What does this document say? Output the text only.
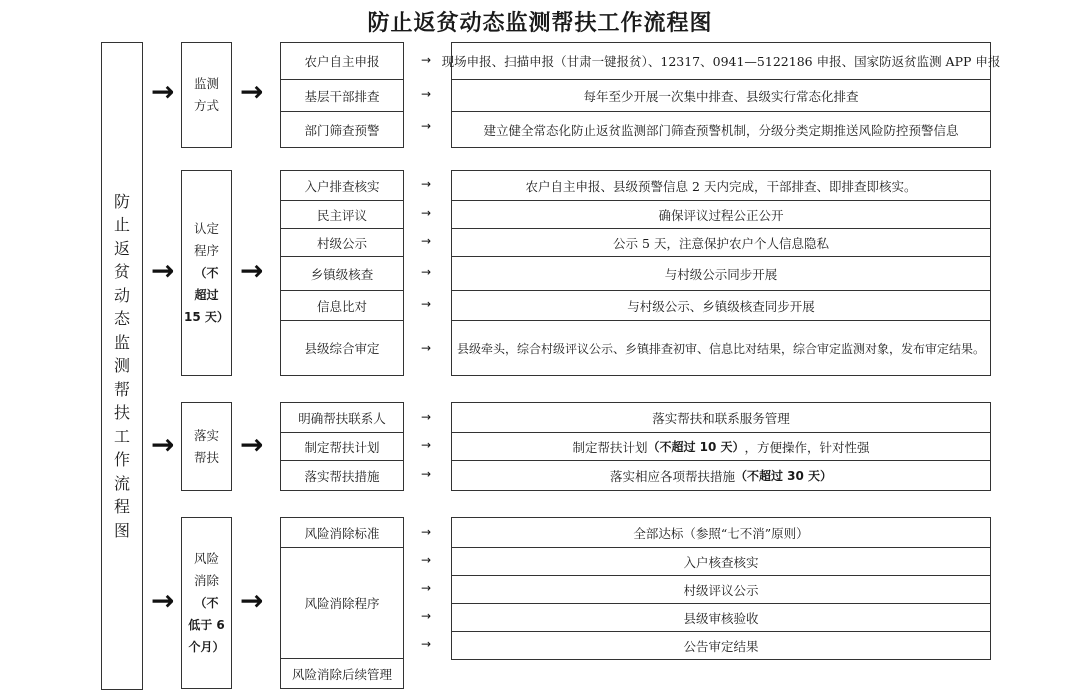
防止返贫动态监测帮扶工作流程图
防
止
返
贫
动
态
监
测
帮
扶
工
作
流
程
图
→ 监测
方式 →
农户自主申报
基层干部排查
部门筛查预警
→
→
→
现场申报、扫描申报（甘肃一键报贫）、12317、0941—5122186 申报、国家防返贫监测 APP 申报
每年至少开展一次集中排查、县级实行常态化排查
建立健全常态化防止返贫监测部门筛查预警机制，分级分类定期推送风险防控预警信息
→
认定
程序
（不
超过
15 天）
→
入户排查核实
民主评议
村级公示
乡镇级核查
信息比对
县级综合审定
→
→
→
→
→
→
农户自主申报、县级预警信息 2 天内完成，干部排查、即排查即核实。
确保评议过程公正公开
公示 5 天，注意保护农户个人信息隐私
与村级公示同步开展
与村级公示、乡镇级核查同步开展
县级牵头，综合村级评议公示、乡镇排查初审、信息比对结果，综合审定监测对象，发布审定结果。
→ 落实
帮扶 →
明确帮扶联系人
制定帮扶计划
落实帮扶措施
→
→
→
落实帮扶和联系服务管理
制定帮扶计划 （不超过 10 天） ，方便操作，针对性强
落实相应各项帮扶措施 （不超过 30 天）
→
风险
消除
（不
低于 6
个月）
→
风险消除标准
风险消除程序
风险消除后续管理
→
→
→
→
→
全部达标（参照“七不消”原则）
入户核查核实
村级评议公示
县级审核验收
公告审定结果
